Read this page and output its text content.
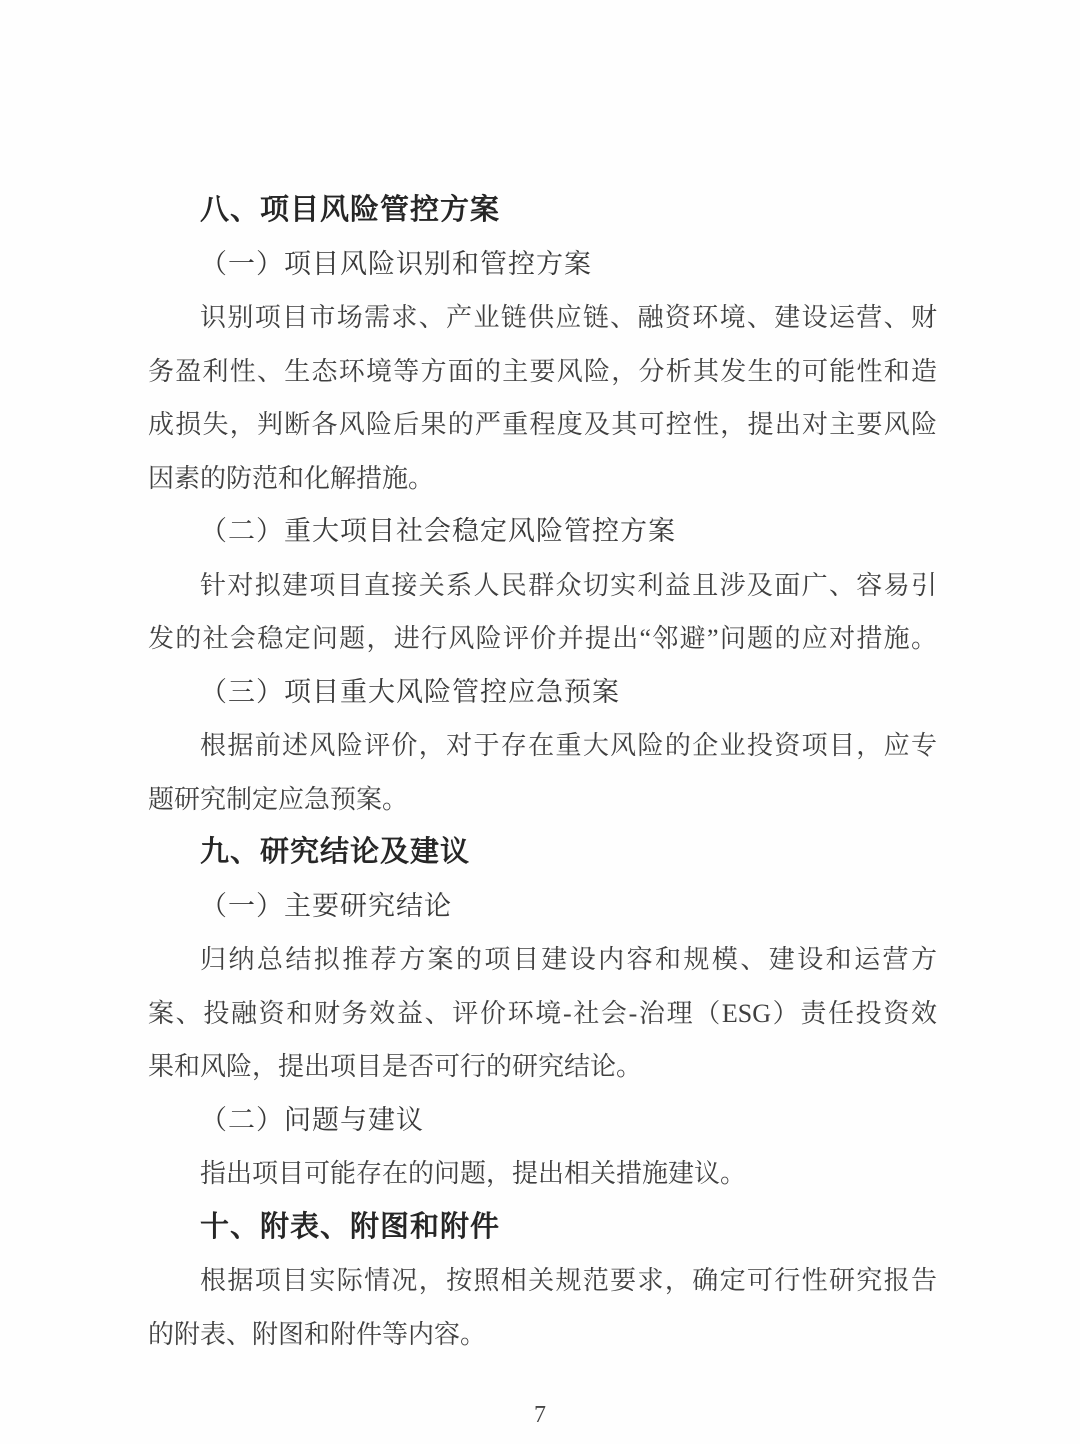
八、项目风险管控方案
（一）项目风险识别和管控方案
识别项目市场需求、产业链供应链、融资环境、建设运营、财
务盈利性、生态环境等方面的主要风险，分析其发生的可能性和造
成损失，判断各风险后果的严重程度及其可控性，提出对主要风险
因素的防范和化解措施。
（二）重大项目社会稳定风险管控方案
针对拟建项目直接关系人民群众切实利益且涉及面广、容易引
发的社会稳定问题，进行风险评价并提出“邻避”问题的应对措施。
（三）项目重大风险管控应急预案
根据前述风险评价，对于存在重大风险的企业投资项目，应专
题研究制定应急预案。
九、研究结论及建议
（一）主要研究结论
归纳总结拟推荐方案的项目建设内容和规模、建设和运营方
案、投融资和财务效益、评价环境-社会-治理（ESG）责任投资效
果和风险，提出项目是否可行的研究结论。
（二）问题与建议
指出项目可能存在的问题，提出相关措施建议。
十、附表、附图和附件
根据项目实际情况，按照相关规范要求，确定可行性研究报告
的附表、附图和附件等内容。
7
